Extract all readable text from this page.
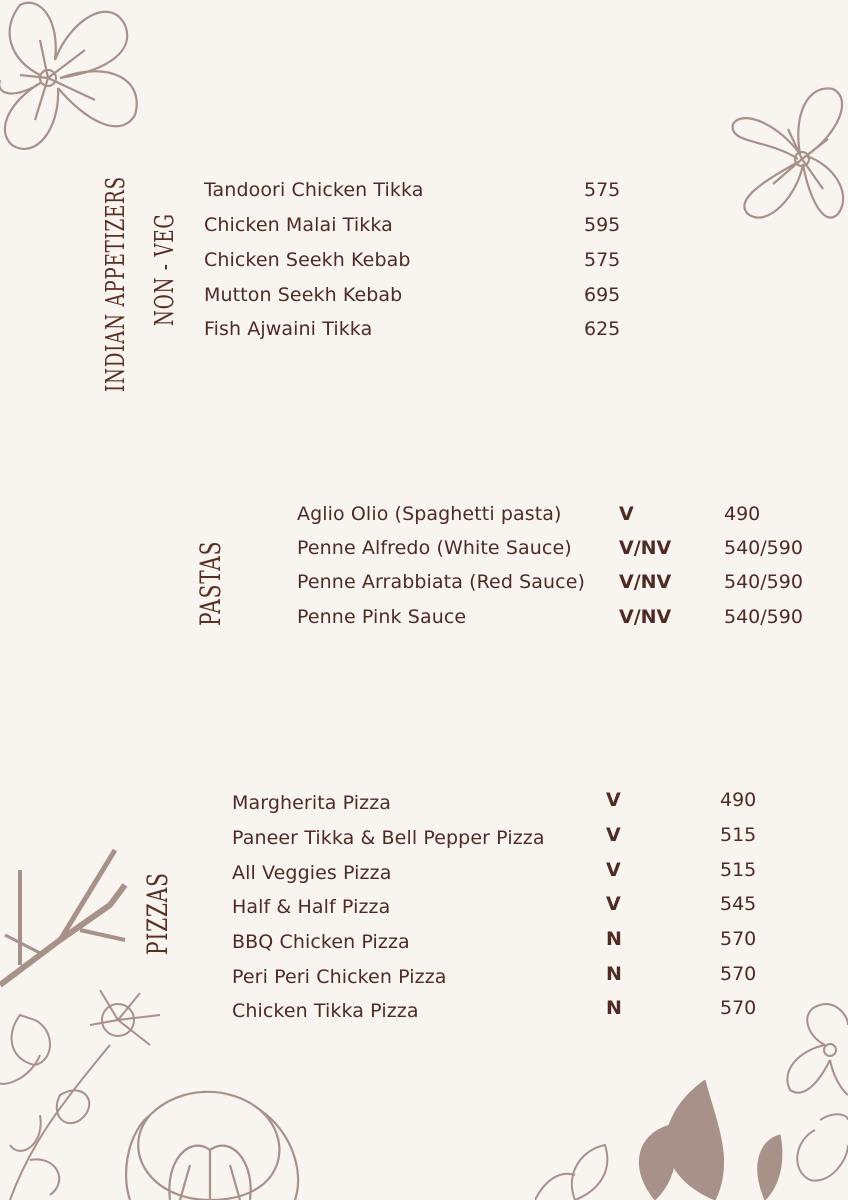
INDIAN APPETIZERS NON - VEG
Tandoori Chicken Tikka	575
Chicken Malai Tikka	595
Chicken Seekh Kebab	575
Mutton Seekh Kebab	695
Fish Ajwaini Tikka	625
PASTAS
Aglio Olio (Spaghetti pasta)	V	490
Penne Alfredo (White Sauce) V/NV	540/590
Penne Arrabbiata (Red Sauce) V/NV	540/590
Penne Pink Sauce	V/NV	540/590
PIZZAS
Margherita Pizza	V	490
Paneer Tikka & Bell Pepper Pizza	V	515
All Veggies Pizza	V	515
Half & Half Pizza	V	545
BBQ Chicken Pizza	N	570
Peri Peri Chicken Pizza	N	570
Chicken Tikka Pizza	N	570
